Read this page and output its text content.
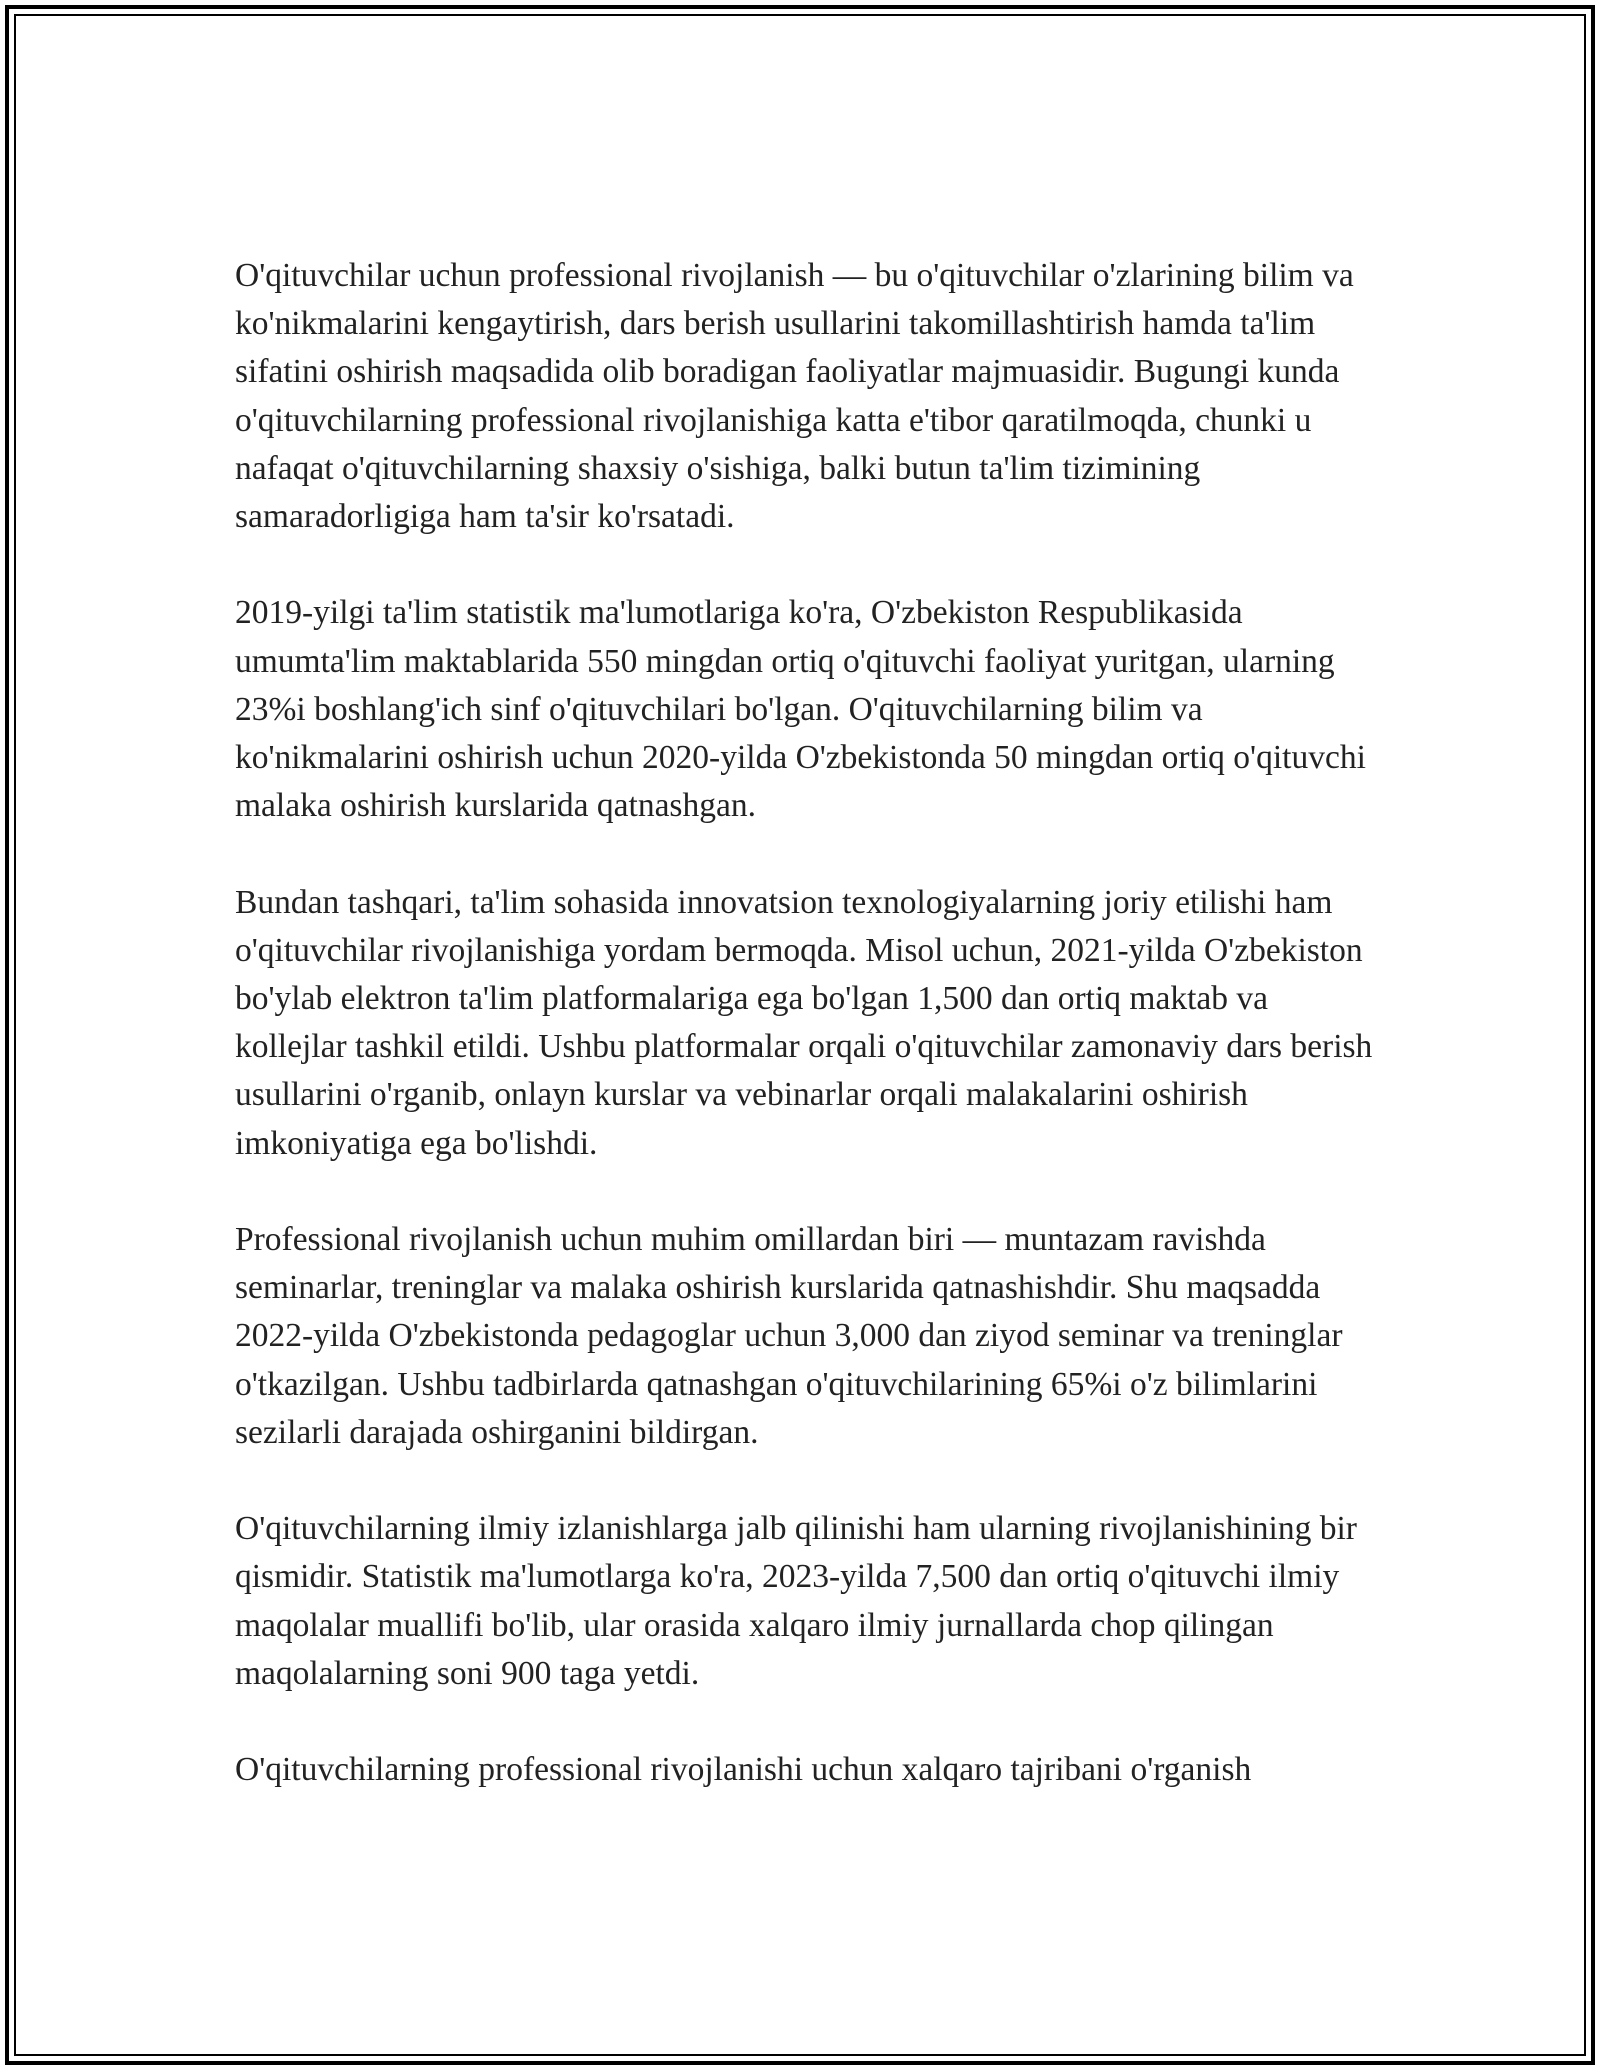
O'qituvchilar uchun professional rivojlanish — bu o'qituvchilar o'zlarining bilim va ko'nikmalarini kengaytirish, dars berish usullarini takomillashtirish hamda ta'lim sifatini oshirish maqsadida olib boradigan faoliyatlar majmuasidir. Bugungi kunda o'qituvchilarning professional rivojlanishiga katta e'tibor qaratilmoqda, chunki u nafaqat o'qituvchilarning shaxsiy o'sishiga, balki butun ta'lim tizimining samaradorligiga ham ta'sir ko'rsatadi.

2019-yilgi ta'lim statistik ma'lumotlariga ko'ra, O'zbekiston Respublikasida umumta'lim maktablarida 550 mingdan ortiq o'qituvchi faoliyat yuritgan, ularning 23%i boshlang'ich sinf o'qituvchilari bo'lgan. O'qituvchilarning bilim va ko'nikmalarini oshirish uchun 2020-yilda O'zbekistonda 50 mingdan ortiq o'qituvchi malaka oshirish kurslarida qatnashgan.

Bundan tashqari, ta'lim sohasida innovatsion texnologiyalarning joriy etilishi ham o'qituvchilar rivojlanishiga yordam bermoqda. Misol uchun, 2021-yilda O'zbekiston bo'ylab elektron ta'lim platformalariga ega bo'lgan 1,500 dan ortiq maktab va kollejlar tashkil etildi. Ushbu platformalar orqali o'qituvchilar zamonaviy dars berish usullarini o'rganib, onlayn kurslar va vebinarlar orqali malakalarini oshirish imkoniyatiga ega bo'lishdi.

Professional rivojlanish uchun muhim omillardan biri — muntazam ravishda seminarlar, treninglar va malaka oshirish kurslarida qatnashishdir. Shu maqsadda 2022-yilda O'zbekistonda pedagoglar uchun 3,000 dan ziyod seminar va treninglar o'tkazilgan. Ushbu tadbirlarda qatnashgan o'qituvchilarining 65%i o'z bilimlarini sezilarli darajada oshirganini bildirgan.

O'qituvchilarning ilmiy izlanishlarga jalb qilinishi ham ularning rivojlanishining bir qismidir. Statistik ma'lumotlarga ko'ra, 2023-yilda 7,500 dan ortiq o'qituvchi ilmiy maqolalar muallifi bo'lib, ular orasida xalqaro ilmiy jurnallarda chop qilingan maqolalarning soni 900 taga yetdi.

O'qituvchilarning professional rivojlanishi uchun xalqaro tajribani o'rganish
